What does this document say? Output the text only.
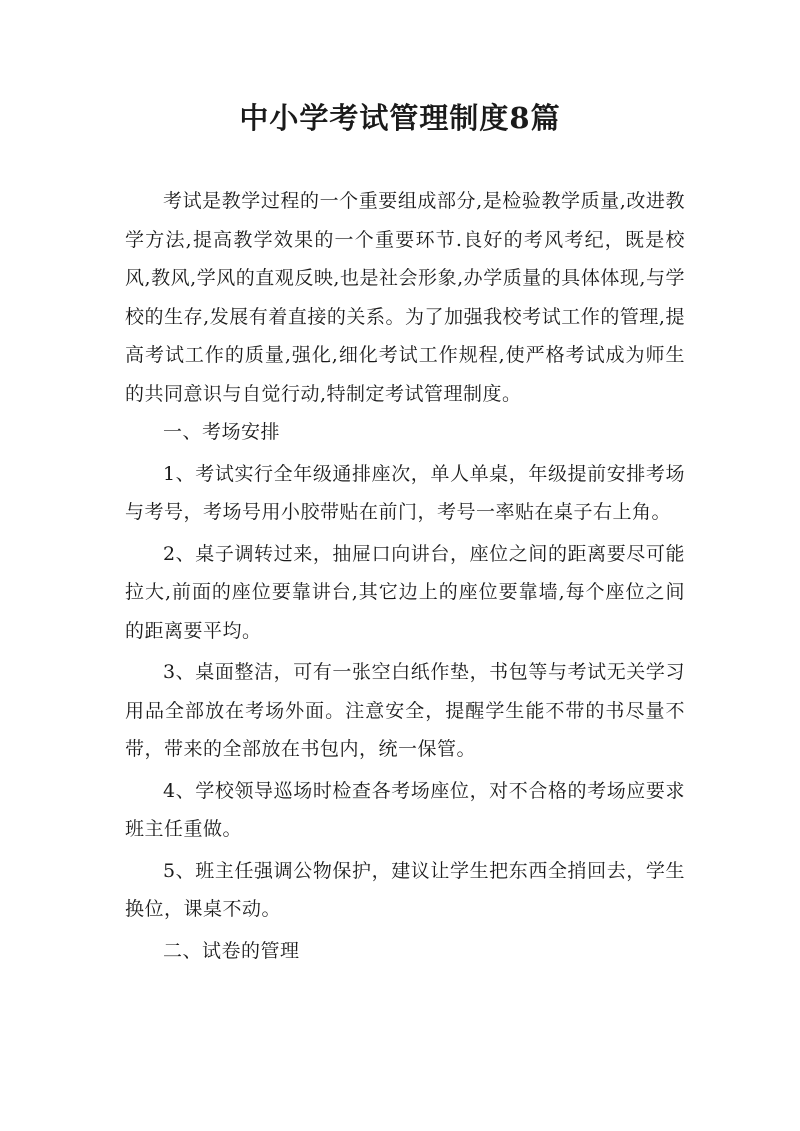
中小学考试管理制度8篇

考试是教学过程的一个重要组成部分,是检验教学质量,改进教学方法,提高教学效果的一个重要环节.良好的考风考纪，既是校风,教风,学风的直观反映,也是社会形象,办学质量的具体体现,与学校的生存,发展有着直接的关系。为了加强我校考试工作的管理,提高考试工作的质量,强化,细化考试工作规程,使严格考试成为师生的共同意识与自觉行动,特制定考试管理制度。

一、考场安排

1、考试实行全年级通排座次，单人单桌，年级提前安排考场与考号，考场号用小胶带贴在前门，考号一率贴在桌子右上角。

2、桌子调转过来，抽屉口向讲台，座位之间的距离要尽可能拉大,前面的座位要靠讲台,其它边上的座位要靠墙,每个座位之间的距离要平均。

3、桌面整洁，可有一张空白纸作垫，书包等与考试无关学习用品全部放在考场外面。注意安全，提醒学生能不带的书尽量不带，带来的全部放在书包内，统一保管。

4、学校领导巡场时检查各考场座位，对不合格的考场应要求班主任重做。

5、班主任强调公物保护，建议让学生把东西全捎回去，学生换位，课桌不动。

二、试卷的管理
